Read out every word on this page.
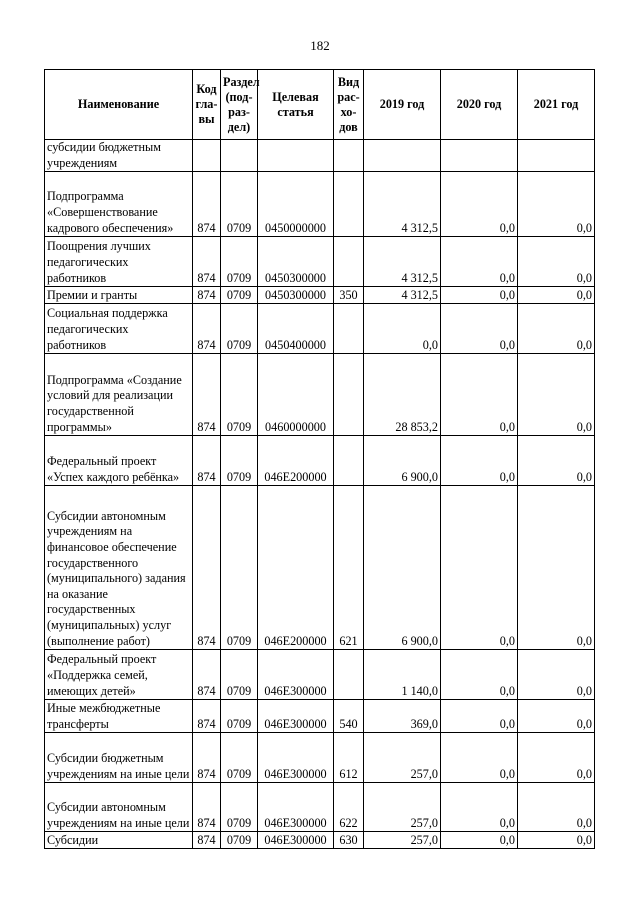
182
Наименование	Код гла-вы	Раздел (под-раз-дел)	Целевая статья	Вид рас-хо-дов	2019 год	2020 год	2021 год
субсидии бюджетным учреждениям							
Подпрограмма «Совершенствование кадрового обеспечения»	874	0709	0450000000		4 312,5	0,0	0,0
Поощрения лучших педагогических работников	874	0709	0450300000		4 312,5	0,0	0,0
Премии и гранты	874	0709	0450300000	350	4 312,5	0,0	0,0
Социальная поддержка педагогических работников	874	0709	0450400000		0,0	0,0	0,0
Подпрограмма «Создание условий для реализации государственной программы»	874	0709	0460000000		28 853,2	0,0	0,0
Федеральный проект «Успех каждого ребёнка»	874	0709	046E200000		6 900,0	0,0	0,0
Субсидии автономным учреждениям на финансовое обеспечение государственного (муниципального) задания на оказание государственных (муниципальных) услуг (выполнение работ)	874	0709	046E200000	621	6 900,0	0,0	0,0
Федеральный проект «Поддержка семей, имеющих детей»	874	0709	046E300000		1 140,0	0,0	0,0
Иные межбюджетные трансферты	874	0709	046E300000	540	369,0	0,0	0,0
Субсидии бюджетным учреждениям на иные цели	874	0709	046E300000	612	257,0	0,0	0,0
Субсидии автономным учреждениям на иные цели	874	0709	046E300000	622	257,0	0,0	0,0
Субсидии	874	0709	046E300000	630	257,0	0,0	0,0
